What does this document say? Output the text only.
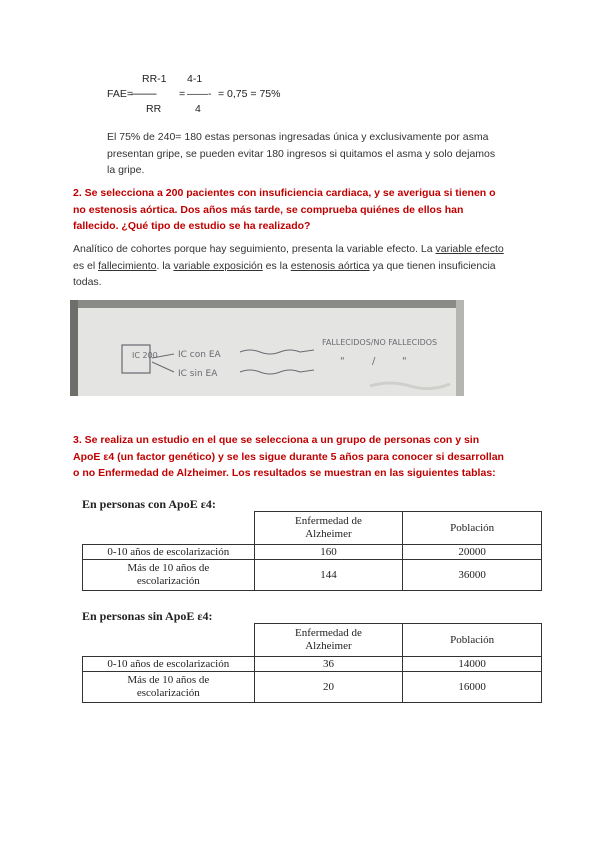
RR-1 4-1
FAE=
---------- = ——- = 0,75 = 75%
RR	4
El 75% de 240= 180 estas personas ingresadas única y exclusivamente por asma
presentan gripe, se pueden evitar 180 ingresos si quitamos el asma y solo dejamos
la gripe.
2. Se selecciona a 200 pacientes con insuficiencia cardiaca, y se averigua si tienen o
no estenosis aórtica. Dos años más tarde, se comprueba quiénes de ellos han
fallecido. ¿Qué tipo de estudio se ha realizado?
Analítico de cohortes porque hay seguimiento, presenta la variable efecto. La variable efecto
es el fallecimiento. la variable exposición es la estenosis aórtica ya que tienen insuficiencia
todas.
IC 200 IC con EA
IC sin EA
FALLECIDOS/NO FALLECIDOS
"	/	"
3. Se realiza un estudio en el que se selecciona a un grupo de personas con y sin
ApoE ε4 (un factor genético) y se les sigue durante 5 años para conocer si desarrollan
o no Enfermedad de Alzheimer. Los resultados se muestran en las siguientes tablas:
En personas con ApoE ε4:
	Enfermedad de
Alzheimer	Población
0-10 años de escolarización	160	20000
Más de 10 años de
escolarización	144	36000
En personas sin ApoE ε4:
	Enfermedad de
Alzheimer	Población
0-10 años de escolarización	36	14000
Más de 10 años de
escolarización	20	16000
